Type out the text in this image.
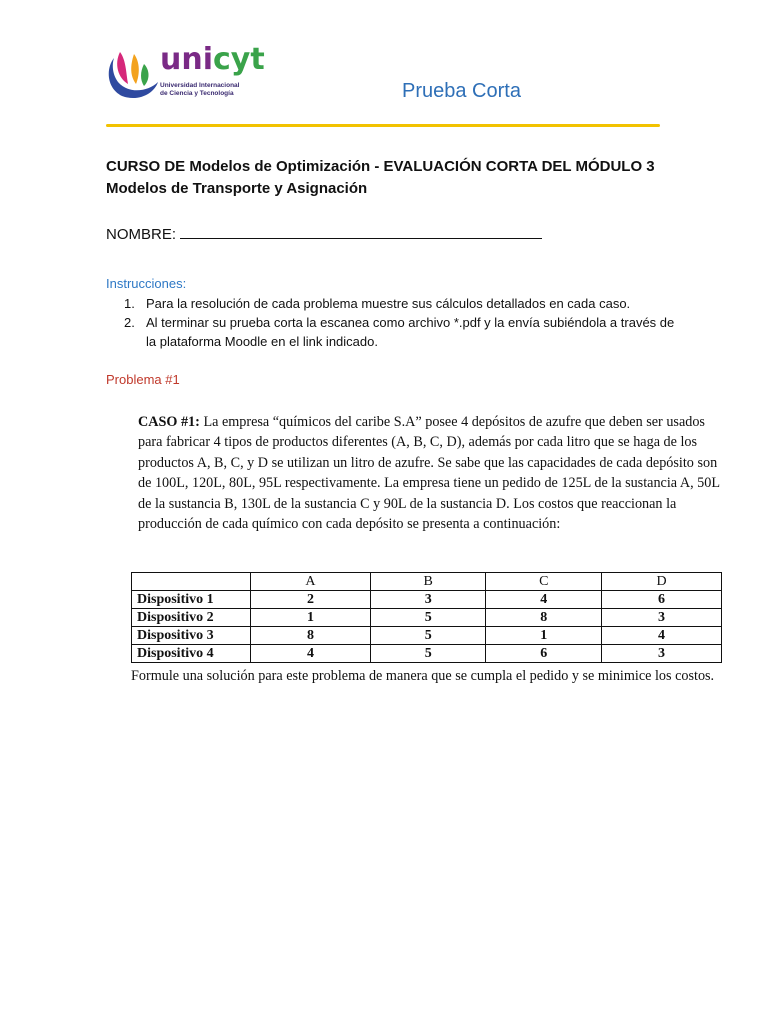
unicyt
Universidad Internacional
de Ciencia y Tecnología	Prueba Corta
CURSO DE Modelos de Optimización - EVALUACIÓN CORTA DEL MÓDULO 3
Modelos de Transporte y Asignación
NOMBRE:
Instrucciones:
1. Para la resolución de cada problema muestre sus cálculos detallados en cada caso.
2. Al terminar su prueba corta la escanea como archivo *.pdf y la envía subiéndola a través de la plataforma Moodle en el link indicado.
Problema #1
CASO #1: La empresa “químicos del caribe S.A” posee 4 depósitos de azufre que deben ser usados para fabricar 4 tipos de productos diferentes (A, B, C, D), además por cada litro que se haga de los productos A, B, C, y D se utilizan un litro de azufre. Se sabe que las capacidades de cada depósito son de 100L, 120L, 80L, 95L respectivamente. La empresa tiene un pedido de 125L de la sustancia A, 50L de la sustancia B, 130L de la sustancia C y 90L de la sustancia D. Los costos que reaccionan la producción de cada químico con cada depósito se presenta a continuación:
	A	B	C	D
Dispositivo 1	2	3	4	6
Dispositivo 2	1	5	8	3
Dispositivo 3	8	5	1	4
Dispositivo 4	4	5	6	3
Formule una solución para este problema de manera que se cumpla el pedido y se minimice los costos.
